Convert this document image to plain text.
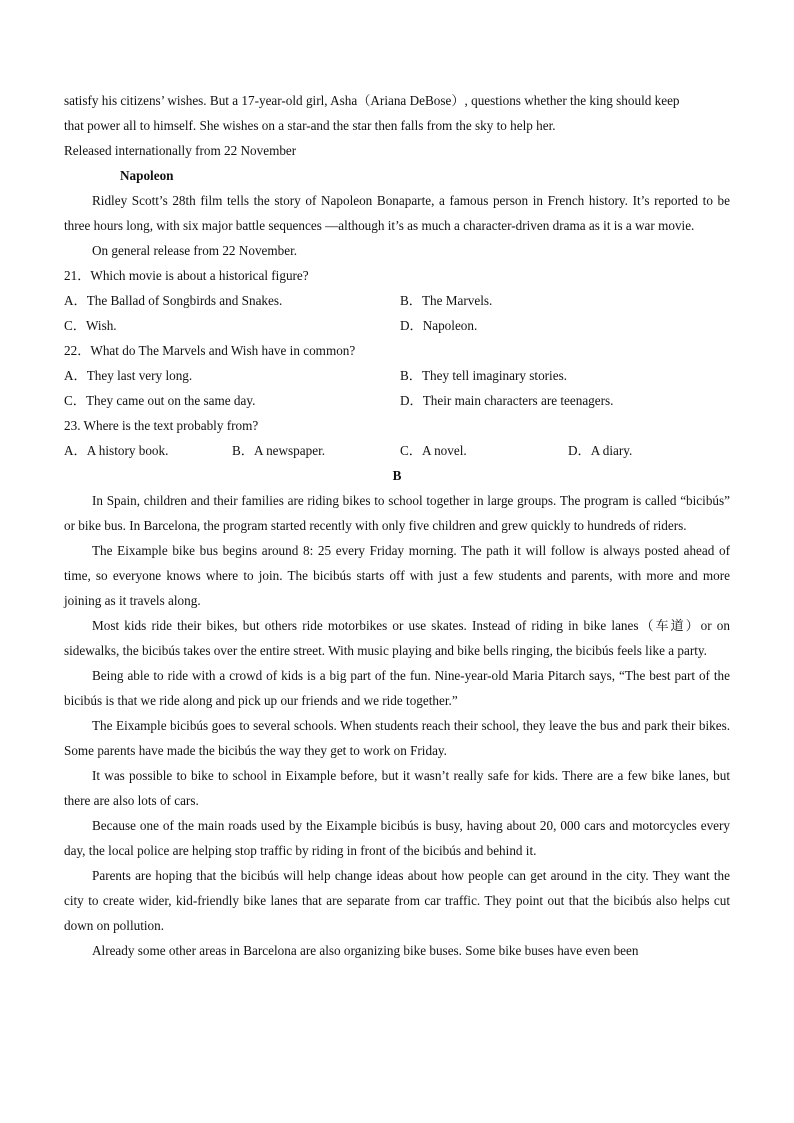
satisfy his citizens’ wishes. But a 17-year-old girl, Asha（Ariana DeBose）, questions whether the king should keep
that power all to himself. She wishes on a star-and the star then falls from the sky to help her.
Released internationally from 22 November
Napoleon
Ridley Scott’s 28th film tells the story of Napoleon Bonaparte, a famous person in French history. It’s reported to be three hours long, with six major battle sequences —although it’s as much a character-driven drama as it is a war movie.
On general release from 22 November.
21．Which movie is about a historical figure?
A．The Ballad of Songbirds and Snakes.	B．The Marvels.
C．Wish.	D．Napoleon.
22．What do The Marvels and Wish have in common?
A．They last very long.	B．They tell imaginary stories.
C．They came out on the same day.	D．Their main characters are teenagers.
23. Where is the text probably from?
A．A history book.	B．A newspaper.	C．A novel.	D．A diary.
B
In Spain, children and their families are riding bikes to school together in large groups. The program is called “bicibús” or bike bus. In Barcelona, the program started recently with only five children and grew quickly to hundreds of riders.
The Eixample bike bus begins around 8: 25 every Friday morning. The path it will follow is always posted ahead of time, so everyone knows where to join. The bicibús starts off with just a few students and parents, with more and more joining as it travels along.
Most kids ride their bikes, but others ride motorbikes or use skates. Instead of riding in bike lanes（车道）or on sidewalks, the bicibús takes over the entire street. With music playing and bike bells ringing, the bicibús feels like a party.
Being able to ride with a crowd of kids is a big part of the fun. Nine-year-old Maria Pitarch says, “The best part of the bicibús is that we ride along and pick up our friends and we ride together.”
The Eixample bicibús goes to several schools. When students reach their school, they leave the bus and park their bikes. Some parents have made the bicibús the way they get to work on Friday.
It was possible to bike to school in Eixample before, but it wasn’t really safe for kids. There are a few bike lanes, but there are also lots of cars.
Because one of the main roads used by the Eixample bicibús is busy, having about 20, 000 cars and motorcycles every day, the local police are helping stop traffic by riding in front of the bicibús and behind it.
Parents are hoping that the bicibús will help change ideas about how people can get around in the city. They want the city to create wider, kid-friendly bike lanes that are separate from car traffic. They point out that the bicibús also helps cut down on pollution.
Already some other areas in Barcelona are also organizing bike buses. Some bike buses have even been
